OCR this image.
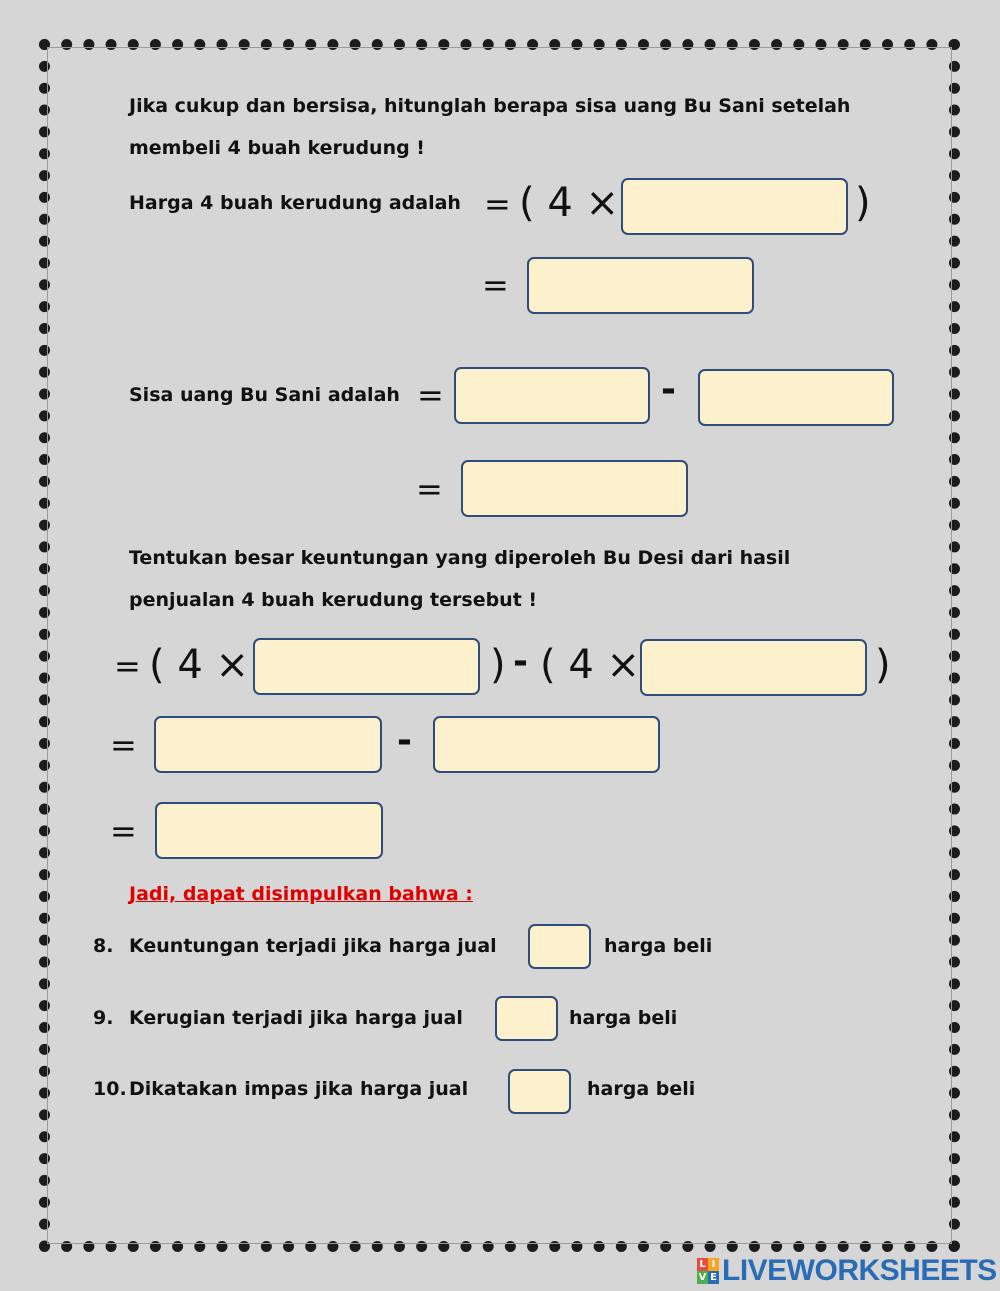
Jika cukup dan bersisa, hitunglah berapa sisa uang Bu Sani setelah
membeli 4 buah kerudung !
Harga 4 buah kerudung adalah = ( 4 ×	)
=
Sisa uang Bu Sani adalah =	-
=
Tentukan besar keuntungan yang diperoleh Bu Desi dari hasil
penjualan 4 buah kerudung tersebut !
= ( 4 ×	) - ( 4 ×	)
=	-
=
Jadi, dapat disimpulkan bahwa :
8. Keuntungan terjadi jika harga jual	harga beli
9. Kerugian terjadi jika harga jual	harga beli
10. Dikatakan impas jika harga jual	harga beli
L I
V E LIVEWORKSHEETS
